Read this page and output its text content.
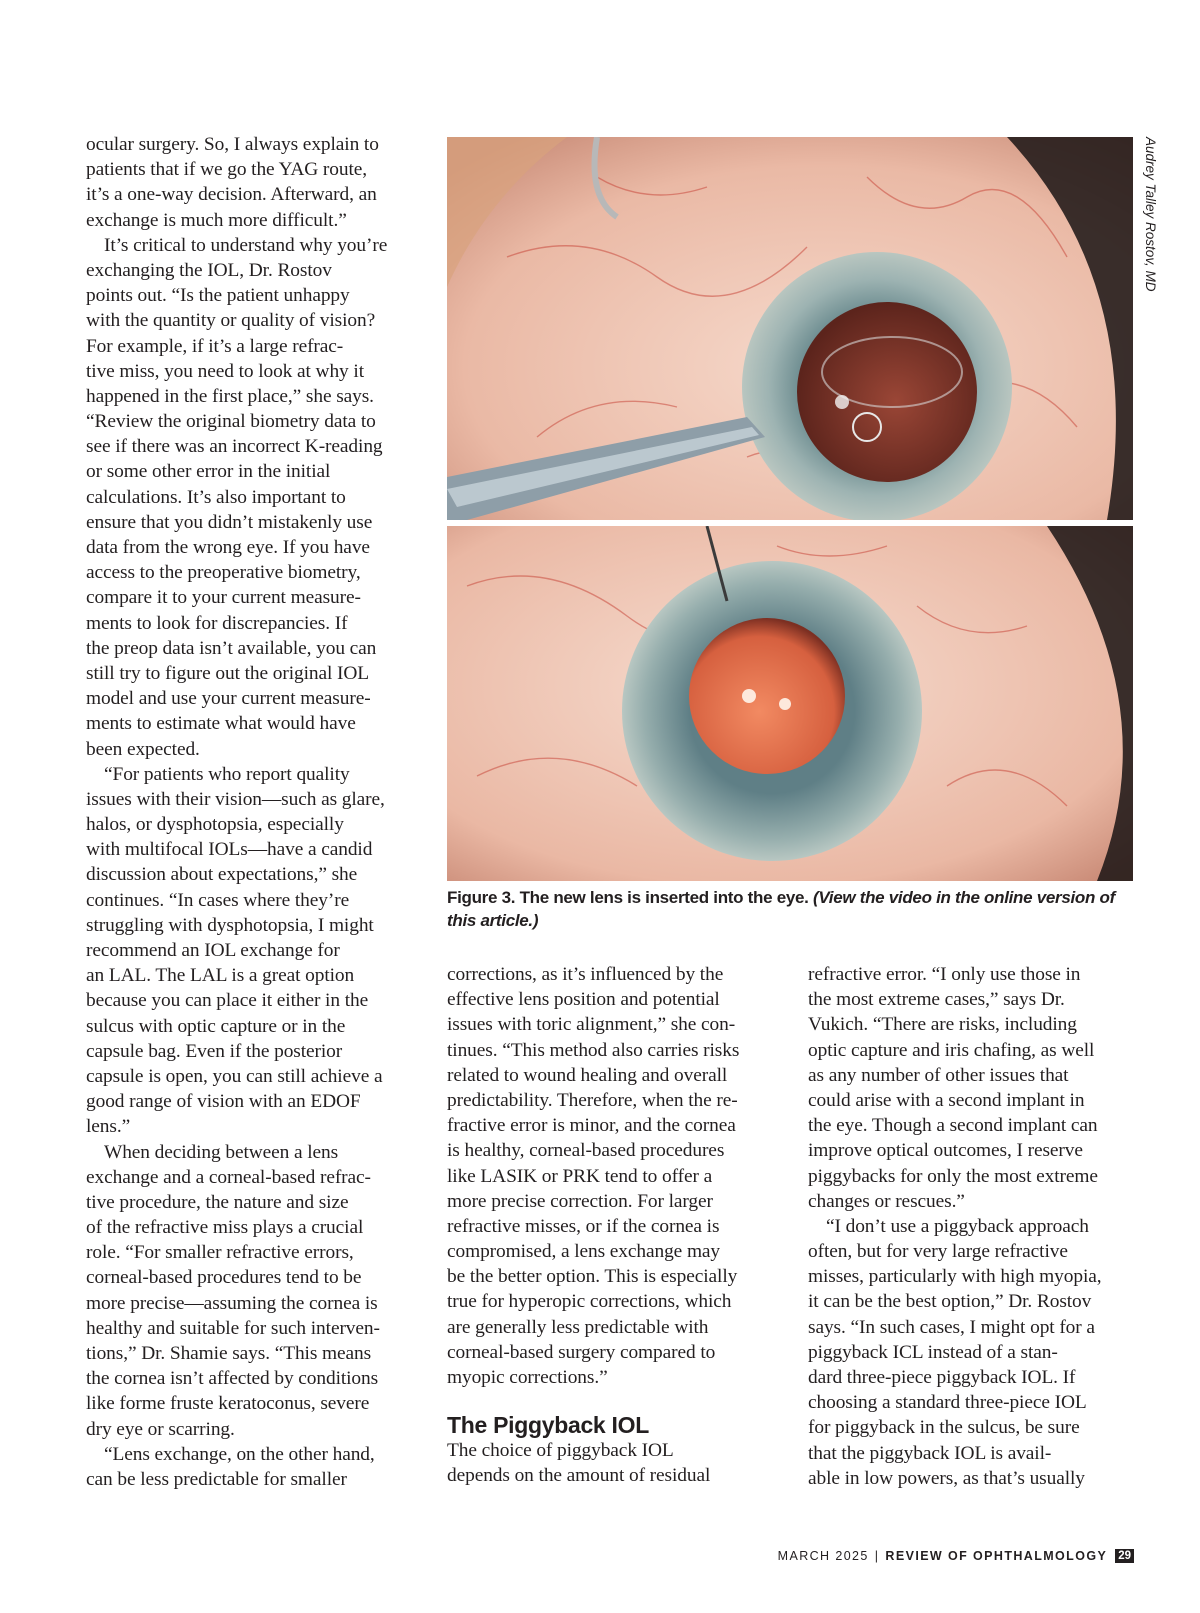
ocular surgery. So, I always explain to
patients that if we go the YAG route,
it’s a one-way decision. Afterward, an
exchange is much more difficult.”
It’s critical to understand why you’re
exchanging the IOL, Dr. Rostov
points out. “Is the patient unhappy
with the quantity or quality of vision?
For example, if it’s a large refrac-
tive miss, you need to look at why it
happened in the first place,” she says.
“Review the original biometry data to
see if there was an incorrect K-reading
or some other error in the initial
calculations. It’s also important to
ensure that you didn’t mistakenly use
data from the wrong eye. If you have
access to the preoperative biometry,
compare it to your current measure-
ments to look for discrepancies. If
the preop data isn’t available, you can
still try to figure out the original IOL
model and use your current measure-
ments to estimate what would have
been expected.
“For patients who report quality
issues with their vision—such as glare,
halos, or dysphotopsia, especially
with multifocal IOLs—have a candid
discussion about expectations,” she
continues. “In cases where they’re
struggling with dysphotopsia, I might
recommend an IOL exchange for
an LAL. The LAL is a great option
because you can place it either in the
sulcus with optic capture or in the
capsule bag. Even if the posterior
capsule is open, you can still achieve a
good range of vision with an EDOF
lens.”
When deciding between a lens
exchange and a corneal-based refrac-
tive procedure, the nature and size
of the refractive miss plays a crucial
role. “For smaller refractive errors,
corneal-based procedures tend to be
more precise—assuming the cornea is
healthy and suitable for such interven-
tions,” Dr. Shamie says. “This means
the cornea isn’t affected by conditions
like forme fruste keratoconus, severe
dry eye or scarring.
“Lens exchange, on the other hand,
can be less predictable for smaller
Audrey Talley Rostov, MD
Figure 3. The new lens is inserted into the eye. (View the video in the online version of this article.)
corrections, as it’s influenced by the
effective lens position and potential
issues with toric alignment,” she con-
tinues. “This method also carries risks
related to wound healing and overall
predictability. Therefore, when the re-
fractive error is minor, and the cornea
is healthy, corneal-based procedures
like LASIK or PRK tend to offer a
more precise correction. For larger
refractive misses, or if the cornea is
compromised, a lens exchange may
be the better option. This is especially
true for hyperopic corrections, which
are generally less predictable with
corneal-based surgery compared to
myopic corrections.”
The Piggyback IOL
The choice of piggyback IOL
depends on the amount of residual
refractive error. “I only use those in
the most extreme cases,” says Dr.
Vukich. “There are risks, including
optic capture and iris chafing, as well
as any number of other issues that
could arise with a second implant in
the eye. Though a second implant can
improve optical outcomes, I reserve
piggybacks for only the most extreme
changes or rescues.”
“I don’t use a piggyback approach
often, but for very large refractive
misses, particularly with high myopia,
it can be the best option,” Dr. Rostov
says. “In such cases, I might opt for a
piggyback ICL instead of a stan-
dard three-piece piggyback IOL. If
choosing a standard three-piece IOL
for piggyback in the sulcus, be sure
that the piggyback IOL is avail-
able in low powers, as that’s usually
MARCH 2025 | REVIEW OF OPHTHALMOLOGY 29
